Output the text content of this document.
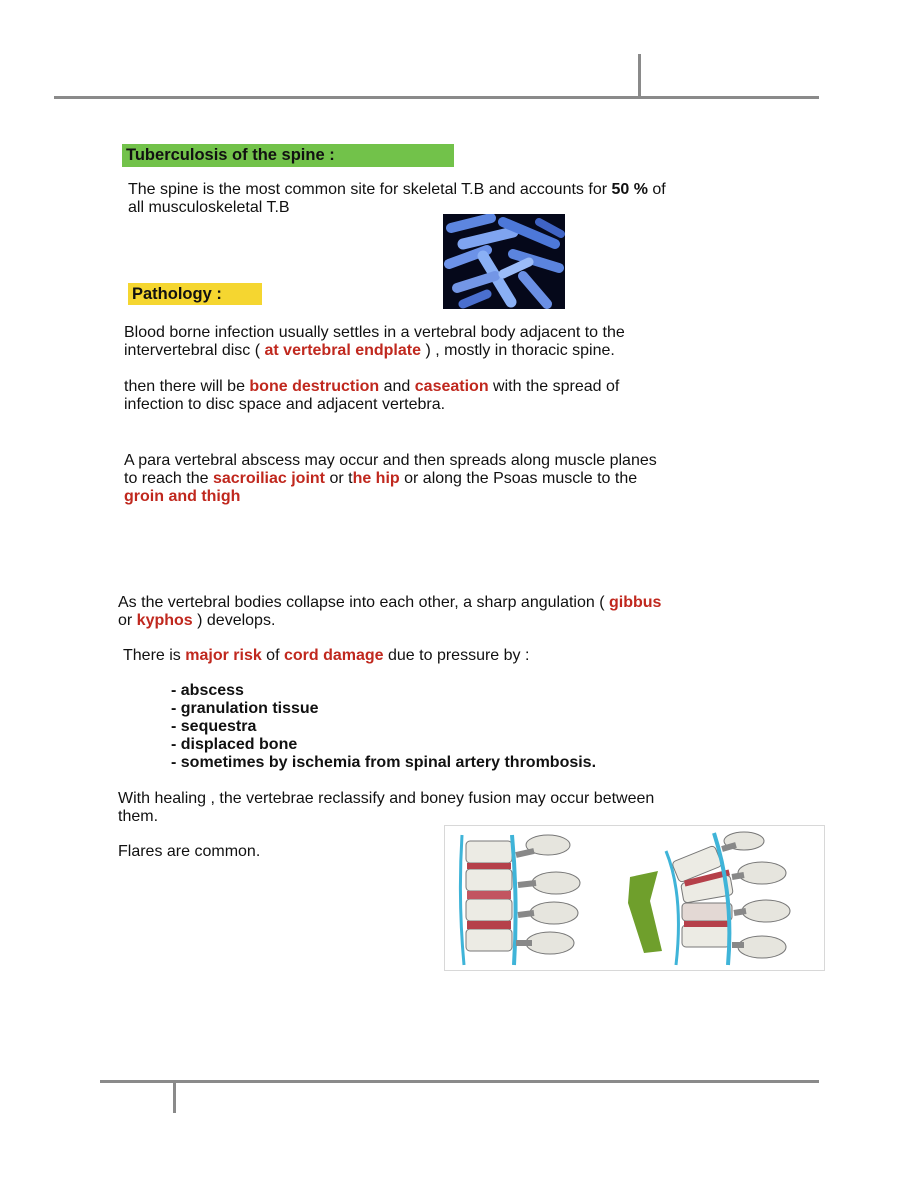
Tuberculosis of the spine :

The spine is the most common site for skeletal T.B and accounts for 50 % of
all musculoskeletal T.B

Pathology :

Blood borne infection usually settles in a vertebral body adjacent to the
intervertebral disc ( at vertebral endplate ) , mostly in thoracic spine.

then there will be bone destruction and caseation with the spread of
infection to disc space and adjacent vertebra.

A para vertebral abscess may occur and then spreads along muscle planes
to reach the sacroiliac joint or the hip or along the Psoas muscle to the
groin and thigh

As the vertebral bodies collapse into each other, a sharp angulation ( gibbus
or kyphos ) develops.

There is major risk of cord damage due to pressure by :

- abscess
- granulation tissue
- sequestra
- displaced bone
- sometimes by ischemia from spinal artery thrombosis.

With healing , the vertebrae reclassify and boney fusion may occur between
them.

Flares are common.
